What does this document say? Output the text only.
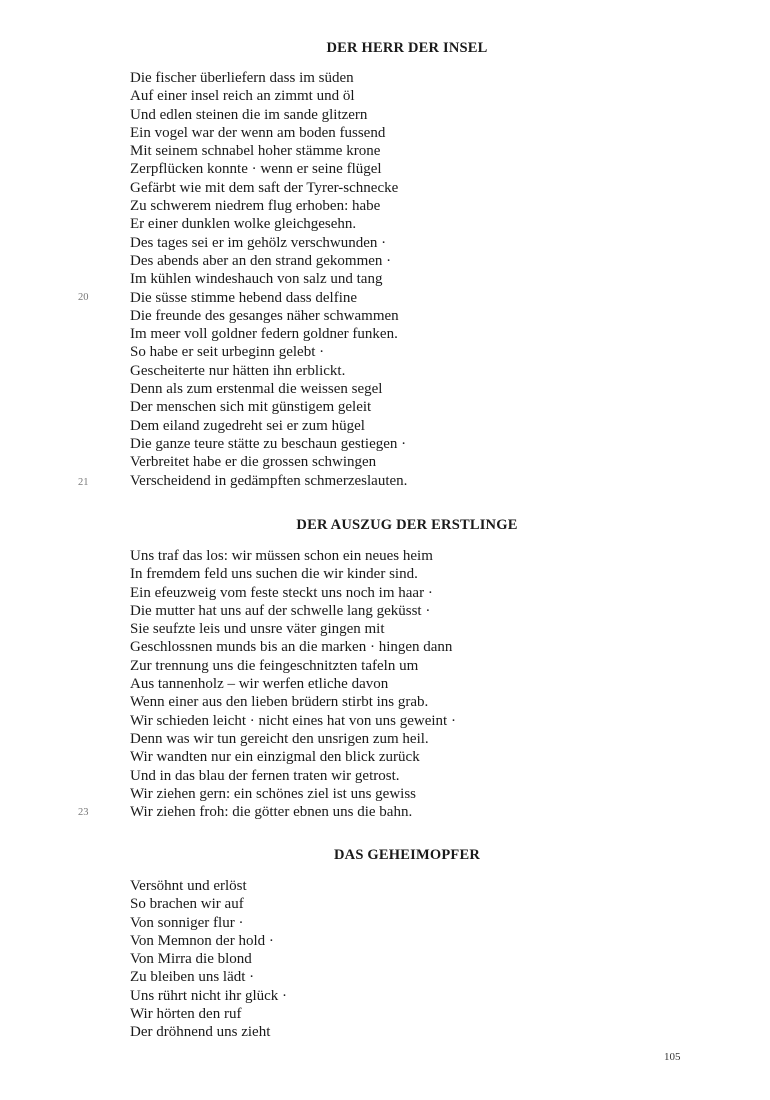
DER HERR DER INSEL
Die fischer überliefern dass im süden
Auf einer insel reich an zimmt und öl
Und edlen steinen die im sande glitzern
Ein vogel war der wenn am boden fussend
Mit seinem schnabel hoher stämme krone
Zerpflücken konnte · wenn er seine flügel
Gefärbt wie mit dem saft der Tyrer-schnecke
Zu schwerem niedrem flug erhoben: habe
Er einer dunklen wolke gleichgesehn.
Des tages sei er im gehölz verschwunden ·
Des abends aber an den strand gekommen ·
Im kühlen windeshauch von salz und tang
Die süsse stimme hebend dass delfine
Die freunde des gesanges näher schwammen
Im meer voll goldner federn goldner funken.
So habe er seit urbeginn gelebt ·
Gescheiterte nur hätten ihn erblickt.
Denn als zum erstenmal die weissen segel
Der menschen sich mit günstigem geleit
Dem eiland zugedreht sei er zum hügel
Die ganze teure stätte zu beschaun gestiegen ·
Verbreitet habe er die grossen schwingen
Verscheidend in gedämpften schmerzeslauten.
DER AUSZUG DER ERSTLINGE
Uns traf das los: wir müssen schon ein neues heim
In fremdem feld uns suchen die wir kinder sind.
Ein efeuzweig vom feste steckt uns noch im haar ·
Die mutter hat uns auf der schwelle lang geküsst ·
Sie seufzte leis und unsre väter gingen mit
Geschlossnen munds bis an die marken · hingen dann
Zur trennung uns die feingeschnitzten tafeln um
Aus tannenholz – wir werfen etliche davon
Wenn einer aus den lieben brüdern stirbt ins grab.
Wir schieden leicht · nicht eines hat von uns geweint ·
Denn was wir tun gereicht den unsrigen zum heil.
Wir wandten nur ein einzigmal den blick zurück
Und in das blau der fernen traten wir getrost.
Wir ziehen gern: ein schönes ziel ist uns gewiss
Wir ziehen froh: die götter ebnen uns die bahn.
DAS GEHEIMOPFER
Versöhnt und erlöst
So brachen wir auf
Von sonniger flur ·
Von Memnon der hold ·
Von Mirra die blond
Zu bleiben uns lädt ·
Uns rührt nicht ihr glück ·
Wir hörten den ruf
Der dröhnend uns zieht
20
21
23
105
